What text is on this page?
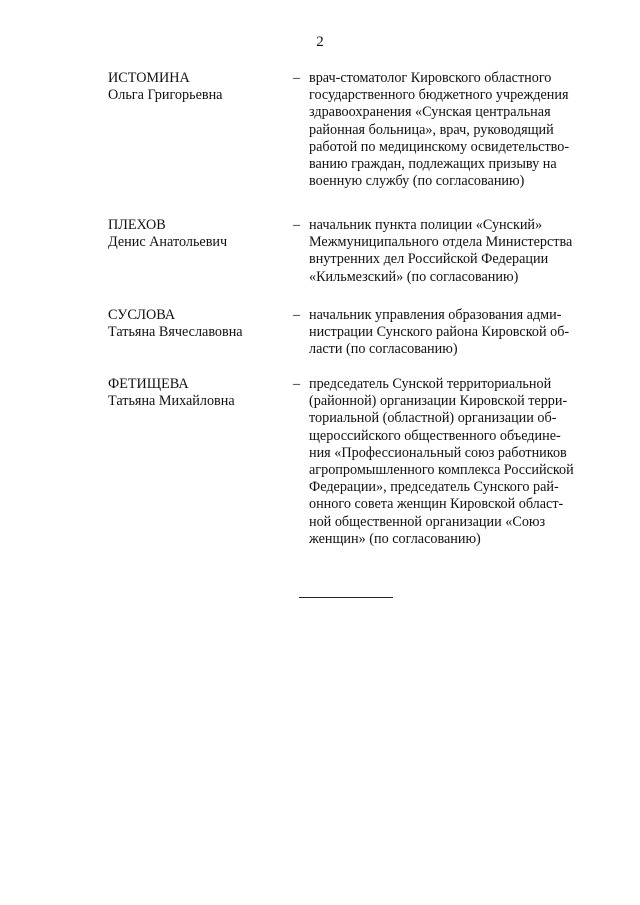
2
ИСТОМИНА
Ольга Григорьевна
– врач-стоматолог Кировского областного
государственного бюджетного учреждения
здравоохранения «Сунская центральная
районная больница», врач, руководящий
работой по медицинскому освидетельство-
ванию граждан, подлежащих призыву на
военную службу (по согласованию)
ПЛЕХОВ
Денис Анатольевич
– начальник пункта полиции «Сунский»
Межмуниципального отдела Министерства
внутренних дел Российской Федерации
«Кильмезский» (по согласованию)
СУСЛОВА
Татьяна Вячеславовна
– начальник управления образования адми-
нистрации Сунского района Кировской об-
ласти (по согласованию)
ФЕТИЩЕВА
Татьяна Михайловна
– председатель Сунской территориальной
(районной) организации Кировской терри-
ториальной (областной) организации об-
щероссийского общественного объедине-
ния «Профессиональный союз работников
агропромышленного комплекса Российской
Федерации», председатель Сунского рай-
онного совета женщин Кировской област-
ной общественной организации «Союз
женщин» (по согласованию)
